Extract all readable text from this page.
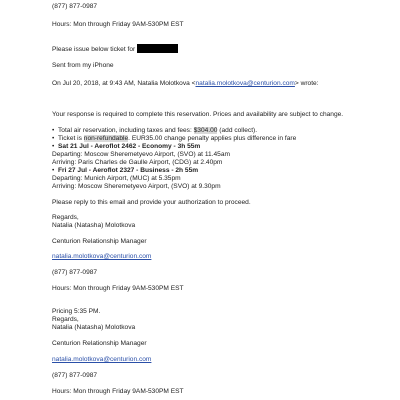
(877) 877-0987
Hours: Mon through Friday 9AM-530PM EST
Please issue below ticket for
Sent from my iPhone
On Jul 20, 2018, at 9:43 AM, Natalia Molotkova <natalia.molotkova@centurion.com> wrote:
Your response is required to complete this reservation. Prices and availability are subject to change.
• Total air reservation, including taxes and fees: $304.00 (add collect).
• Ticket is non-refundable. EUR35.00 change penalty applies plus difference in fare
• Sat 21 Jul - Aeroflot 2462 - Economy - 3h 55m
Departing: Moscow Sheremetyevo Airport, (SVO) at 11.45am
Arriving: Paris Charles de Gaulle Airport, (CDG) at 2.40pm
• Fri 27 Jul - Aeroflot 2327 - Business - 2h 55m
Departing: Munich Airport, (MUC) at 5.35pm
Arriving: Moscow Sheremetyevo Airport, (SVO) at 9.30pm
Please reply to this email and provide your authorization to proceed.
Regards,
Natalia (Natasha) Molotkova
Centurion Relationship Manager
natalia.molotkova@centurion.com
(877) 877-0987
Hours: Mon through Friday 9AM-530PM EST
Pricing 5:35 PM.
Regards,
Natalia (Natasha) Molotkova
Centurion Relationship Manager
natalia.molotkova@centurion.com
(877) 877-0987
Hours: Mon through Friday 9AM-530PM EST
